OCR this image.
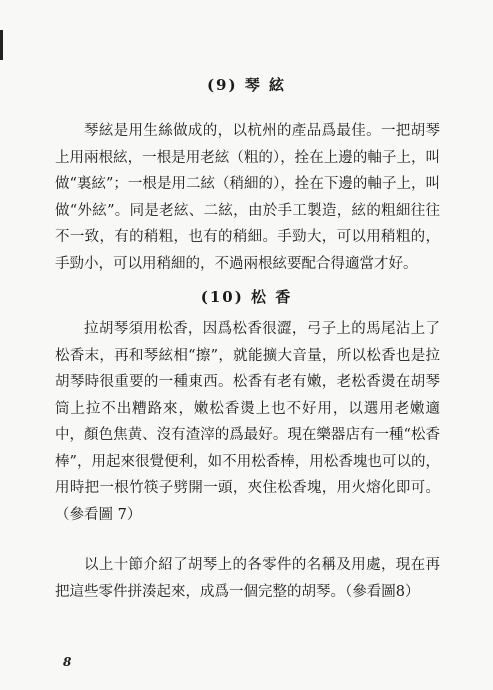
(9) 琴 絃

琴絃是用生絲做成的，以杭州的產品爲最佳。一把胡琴上用兩根絃，一根是用老絃（粗的），拴在上邊的軸子上，叫做“裏絃”；一根是用二絃（稍細的），拴在下邊的軸子上，叫做“外絃”。同是老絃、二絃，由於手工製造，絃的粗細往往不一致，有的稍粗，也有的稍細。手勁大，可以用稍粗的，手勁小，可以用稍細的，不過兩根絃要配合得適當才好。

(10) 松 香

拉胡琴須用松香，因爲松香很澀，弓子上的馬尾沾上了松香末，再和琴絃相“擦”，就能擴大音量，所以松香也是拉胡琴時很重要的一種東西。松香有老有嫩，老松香燙在胡琴筒上拉不出糟路來，嫩松香燙上也不好用，以選用老嫩適中，顏色焦黄、沒有渣滓的爲最好。現在樂器店有一種“松香棒”，用起來很覺便利，如不用松香棒，用松香塊也可以的，用時把一根竹筷子劈開一頭，夾住松香塊，用火熔化即可。（參看圖 7）

以上十節介紹了胡琴上的各零件的名稱及用處，現在再把這些零件拼湊起來，成爲一個完整的胡琴。（參看圖8）

8
